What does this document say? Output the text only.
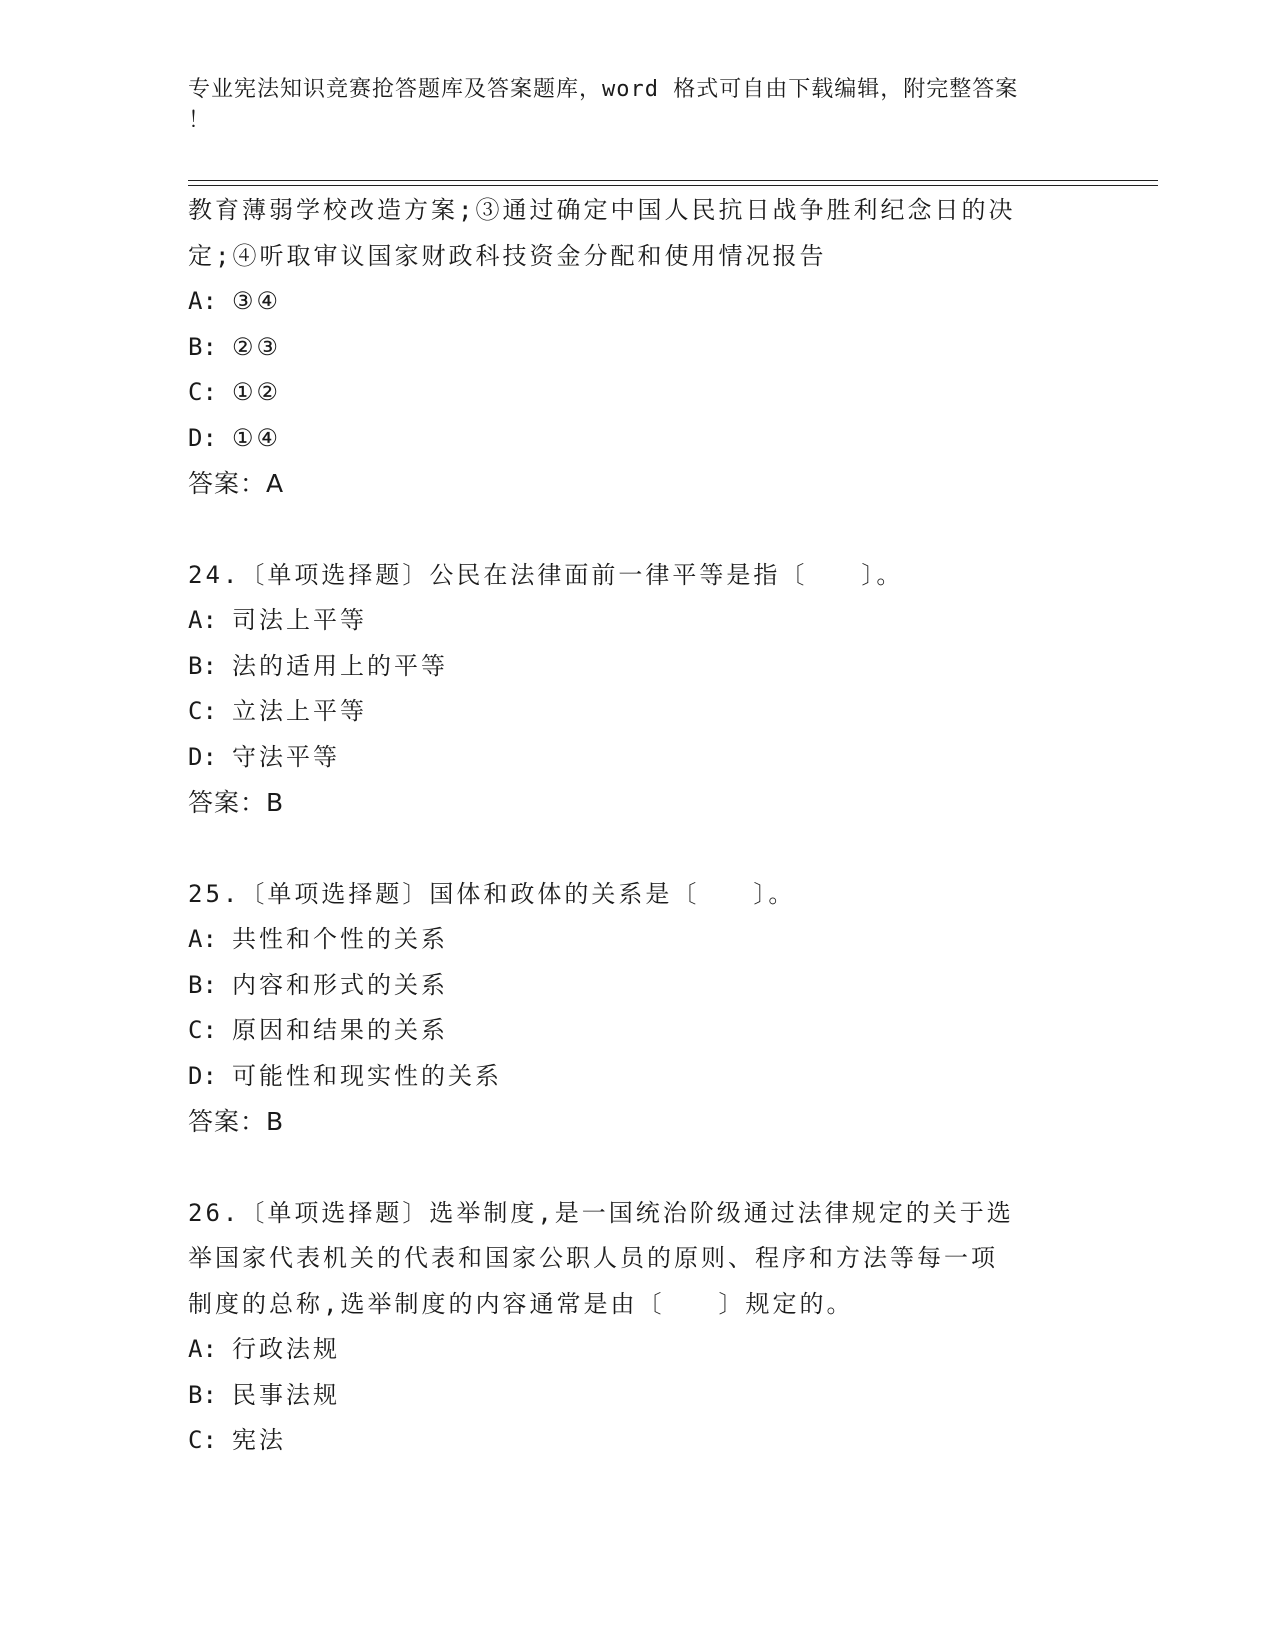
专业宪法知识竞赛抢答题库及答案题库，word 格式可自由下载编辑，附完整答案
！
教育薄弱学校改造方案;③通过确定中国人民抗日战争胜利纪念日的决
定;④听取审议国家财政科技资金分配和使用情况报告
A: ③④
B: ②③
C: ①②
D: ①④
答案：A
24.〔单项选择题〕公民在法律面前一律平等是指〔　　〕。
A: 司法上平等
B: 法的适用上的平等
C: 立法上平等
D: 守法平等
答案：B
25.〔单项选择题〕国体和政体的关系是〔　　〕。
A: 共性和个性的关系
B: 内容和形式的关系
C: 原因和结果的关系
D: 可能性和现实性的关系
答案：B
26.〔单项选择题〕选举制度,是一国统治阶级通过法律规定的关于选
举国家代表机关的代表和国家公职人员的原则、程序和方法等每一项
制度的总称,选举制度的内容通常是由〔　　〕规定的。
A: 行政法规
B: 民事法规
C: 宪法
